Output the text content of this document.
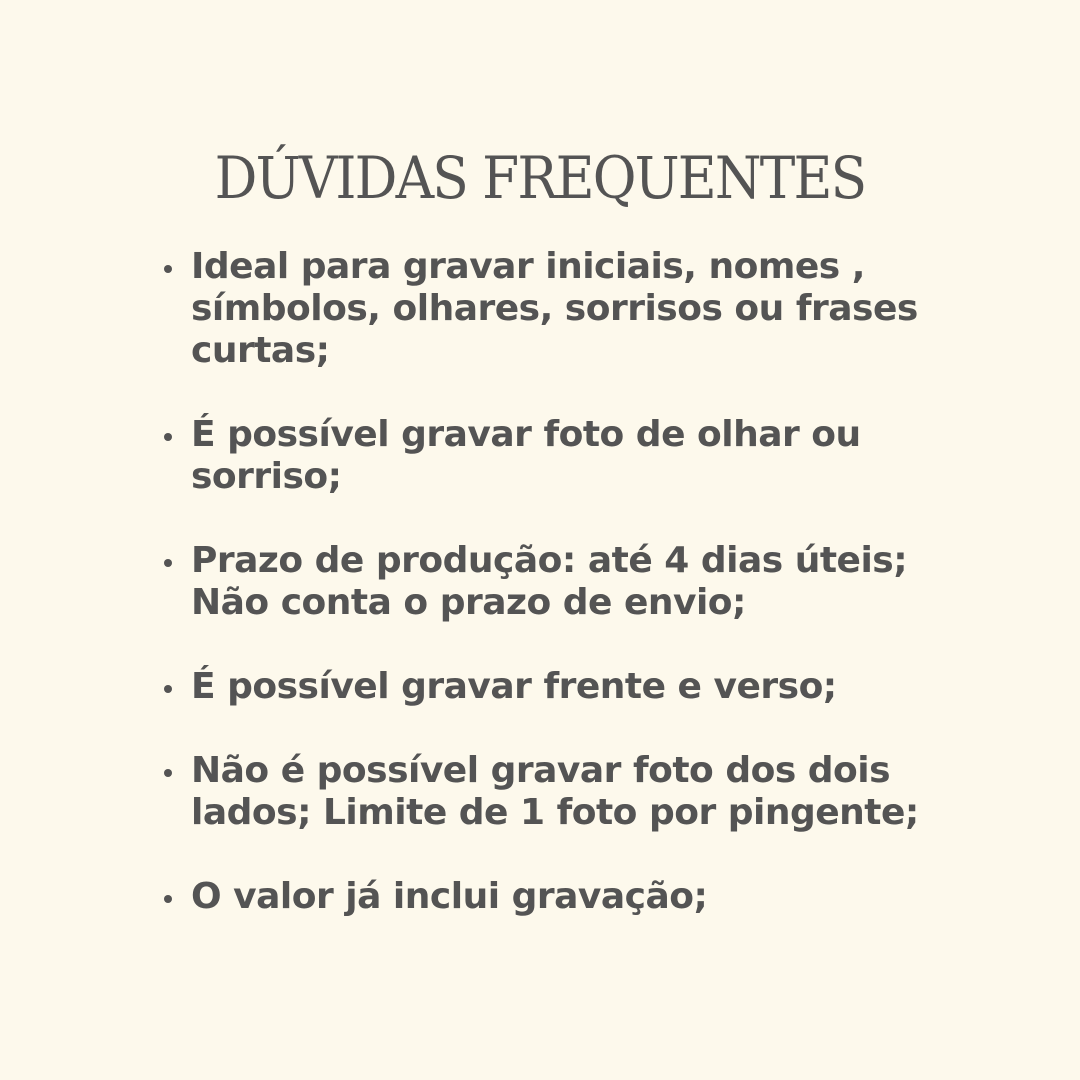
DÚVIDAS FREQUENTES
Ideal para gravar iniciais, nomes ,
símbolos, olhares, sorrisos ou frases
curtas;
É possível gravar foto de olhar ou
sorriso;
Prazo de produção: até 4 dias úteis;
Não conta o prazo de envio;
É possível gravar frente e verso;
Não é possível gravar foto dos dois
lados; Limite de 1 foto por pingente;
O valor já inclui gravação;
